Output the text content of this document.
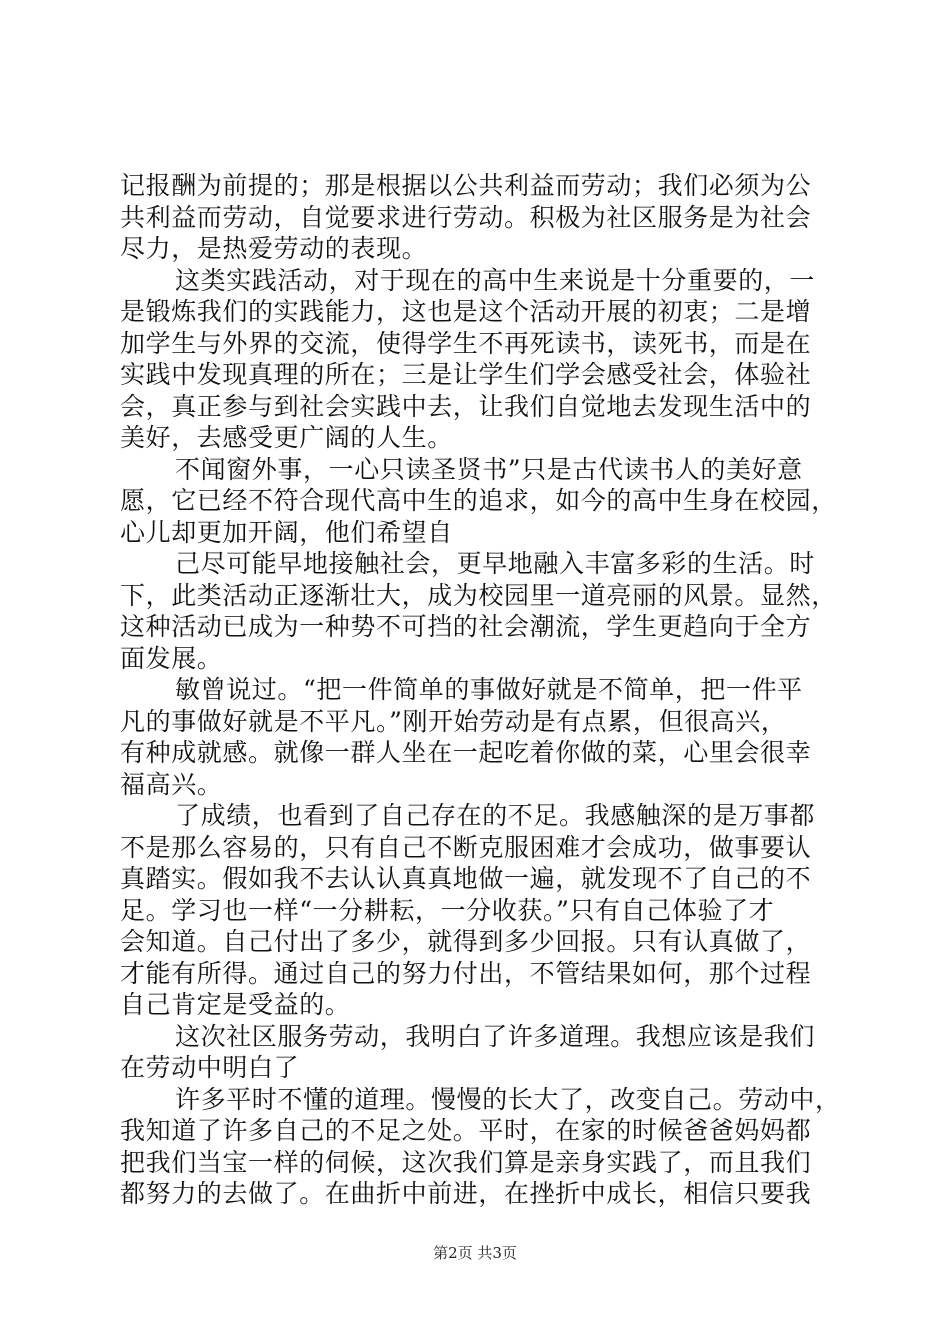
记报酬为前提的；那是根据以公共利益而劳动；我们必须为公
共利益而劳动，自觉要求进行劳动。积极为社区服务是为社会
尽力，是热爱劳动的表现。
这类实践活动，对于现在的高中生来说是十分重要的，一
是锻炼我们的实践能力，这也是这个活动开展的初衷；二是增
加学生与外界的交流，使得学生不再死读书，读死书，而是在
实践中发现真理的所在；三是让学生们学会感受社会，体验社
会，真正参与到社会实践中去，让我们自觉地去发现生活中的
美好，去感受更广阔的人生。
不闻窗外事，一心只读圣贤书”只是古代读书人的美好意
愿，它已经不符合现代高中生的追求，如今的高中生身在校园，
心儿却更加开阔，他们希望自
己尽可能早地接触社会，更早地融入丰富多彩的生活。时
下，此类活动正逐渐壮大，成为校园里一道亮丽的风景。显然，
这种活动已成为一种势不可挡的社会潮流，学生更趋向于全方
面发展。
敏曾说过。“把一件简单的事做好就是不简单，把一件平
凡的事做好就是不平凡。”刚开始劳动是有点累，但很高兴，
有种成就感。就像一群人坐在一起吃着你做的菜，心里会很幸
福高兴。
了成绩，也看到了自己存在的不足。我感触深的是万事都
不是那么容易的，只有自己不断克服困难才会成功，做事要认
真踏实。假如我不去认认真真地做一遍，就发现不了自己的不
足。学习也一样“一分耕耘，一分收获。”只有自己体验了才
会知道。自己付出了多少，就得到多少回报。只有认真做了，
才能有所得。通过自己的努力付出，不管结果如何，那个过程
自己肯定是受益的。
这次社区服务劳动，我明白了许多道理。我想应该是我们
在劳动中明白了
许多平时不懂的道理。慢慢的长大了，改变自己。劳动中，
我知道了许多自己的不足之处。平时，在家的时候爸爸妈妈都
把我们当宝一样的伺候，这次我们算是亲身实践了，而且我们
都努力的去做了。在曲折中前进，在挫折中成长，相信只要我
第2页 共3页
